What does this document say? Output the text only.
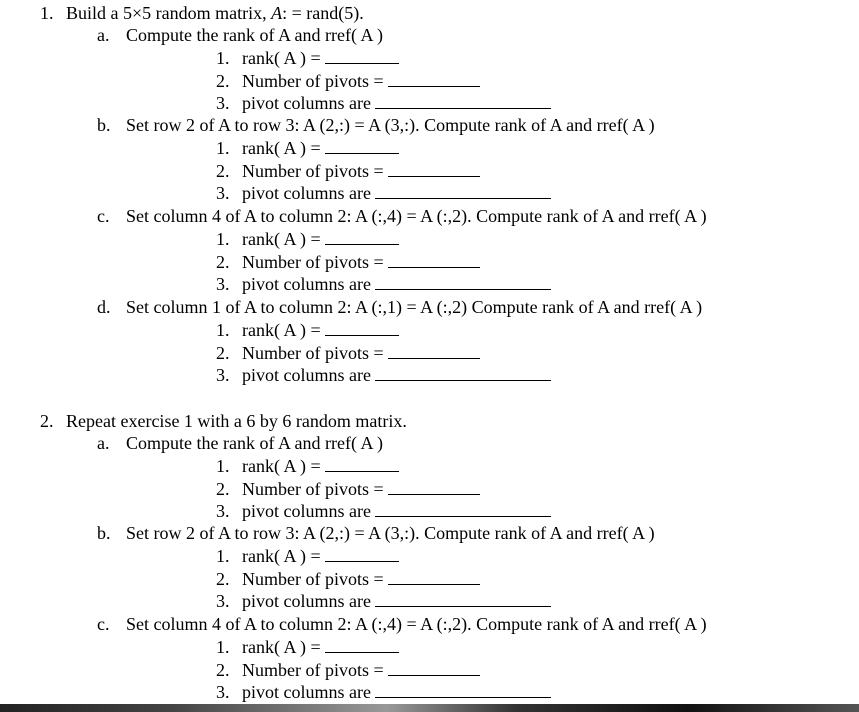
1. Build a 5×5 random matrix, A: = rand(5).
a. Compute the rank of A and rref( A )
1. rank( A ) =
2. Number of pivots =
3. pivot columns are
b. Set row 2 of A to row 3: A (2,:) = A (3,:). Compute rank of A and rref( A )
1. rank( A ) =
2. Number of pivots =
3. pivot columns are
c. Set column 4 of A to column 2: A (:,4) = A (:,2). Compute rank of A and rref( A )
1. rank( A ) =
2. Number of pivots =
3. pivot columns are
d. Set column 1 of A to column 2: A (:,1) = A (:,2) Compute rank of A and rref( A )
1. rank( A ) =
2. Number of pivots =
3. pivot columns are
a. Compute the rank of A and rref( A )
1. rank( A ) =
2. Number of pivots =
3. pivot columns are
b. Set row 2 of A to row 3: A (2,:) = A (3,:). Compute rank of A and rref( A )
1. rank( A ) =
2. Number of pivots =
3. pivot columns are
c. Set column 4 of A to column 2: A (:,4) = A (:,2). Compute rank of A and rref( A )
1. rank( A ) =
2. Number of pivots =
3. pivot columns are
2. Repeat exercise 1 with a 6 by 6 random matrix.
